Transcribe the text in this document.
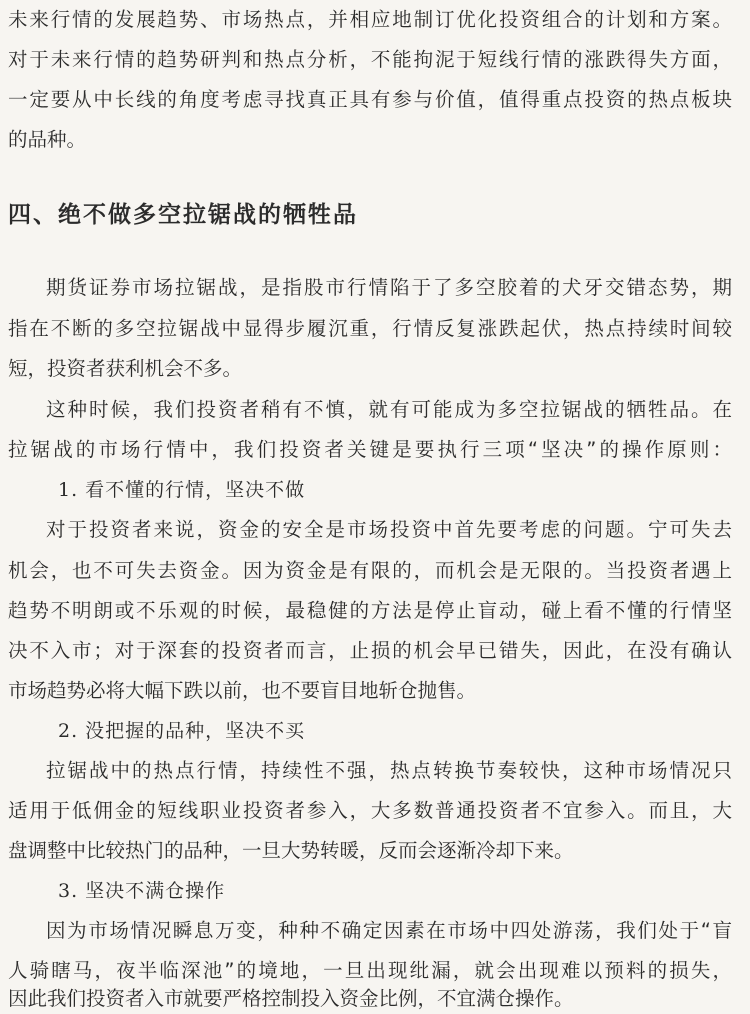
未来行情的发展趋势、市场热点，并相应地制订优化投资组合的计划和方案。

对于未来行情的趋势研判和热点分析，不能拘泥于短线行情的涨跌得失方面，

一定要从中长线的角度考虑寻找真正具有参与价值，值得重点投资的热点板块

的品种。

四、绝不做多空拉锯战的牺牲品

期货证券市场拉锯战，是指股市行情陷于了多空胶着的犬牙交错态势，期

指在不断的多空拉锯战中显得步履沉重，行情反复涨跌起伏，热点持续时间较

短，投资者获利机会不多。

这种时候，我们投资者稍有不慎，就有可能成为多空拉锯战的牺牲品。在

拉锯战的市场行情中，我们投资者关键是要执行三项“坚决”的操作原则：

1. 看不懂的行情，坚决不做

对于投资者来说，资金的安全是市场投资中首先要考虑的问题。宁可失去

机会，也不可失去资金。因为资金是有限的，而机会是无限的。当投资者遇上

趋势不明朗或不乐观的时候，最稳健的方法是停止盲动，碰上看不懂的行情坚

决不入市；对于深套的投资者而言，止损的机会早已错失，因此，在没有确认

市场趋势必将大幅下跌以前，也不要盲目地斩仓抛售。

2. 没把握的品种，坚决不买

拉锯战中的热点行情，持续性不强，热点转换节奏较快，这种市场情况只

适用于低佣金的短线职业投资者参入，大多数普通投资者不宜参入。而且，大

盘调整中比较热门的品种，一旦大势转暖，反而会逐渐冷却下来。

3. 坚决不满仓操作

因为市场情况瞬息万变，种种不确定因素在市场中四处游荡，我们处于“盲

人骑瞎马，夜半临深池”的境地，一旦出现纰漏，就会出现难以预料的损失，

因此我们投资者入市就要严格控制投入资金比例，不宜满仓操作。
